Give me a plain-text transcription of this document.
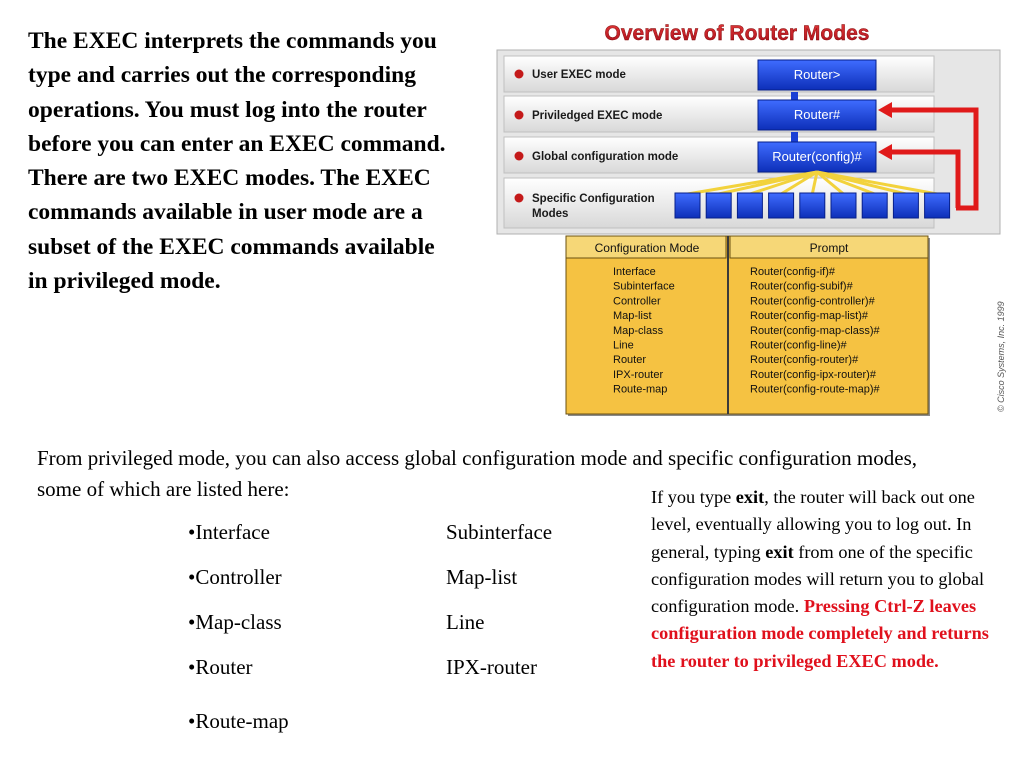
The EXEC interprets the commands you type and carries out the corresponding operations. You must log into the router before you can enter an EXEC command. There are two EXEC modes. The EXEC commands available in user mode are a subset of the EXEC commands available in privileged mode.

Overview of Router Modes
User EXEC mode
Priviledged EXEC mode
Global configuration mode
Specific Configuration
Modes
Router>
Router#
Router(config)#
Configuration Mode	Prompt
Interface	Router(config-if)#
Subinterface	Router(config-subif)#
Controller	Router(config-controller)#
Map-list	Router(config-map-list)#
Map-class	Router(config-map-class)#
Line	Router(config-line)#
Router	Router(config-router)#
IPX-router	Router(config-ipx-router)#
Route-map	Router(config-route-map)#	© Cisco Systems, Inc. 1999

From privileged mode, you can also access global configuration mode and specific configuration modes, some of which are listed here:

•Interface
•Controller
•Map-class
•Router
•Route-map
Subinterface
Map-list
Line
IPX-router

If you type exit, the router will back out one level, eventually allowing you to log out. In general, typing exit from one of the specific configuration modes will return you to global configuration mode. Pressing Ctrl-Z leaves configuration mode completely and returns the router to privileged EXEC mode.
